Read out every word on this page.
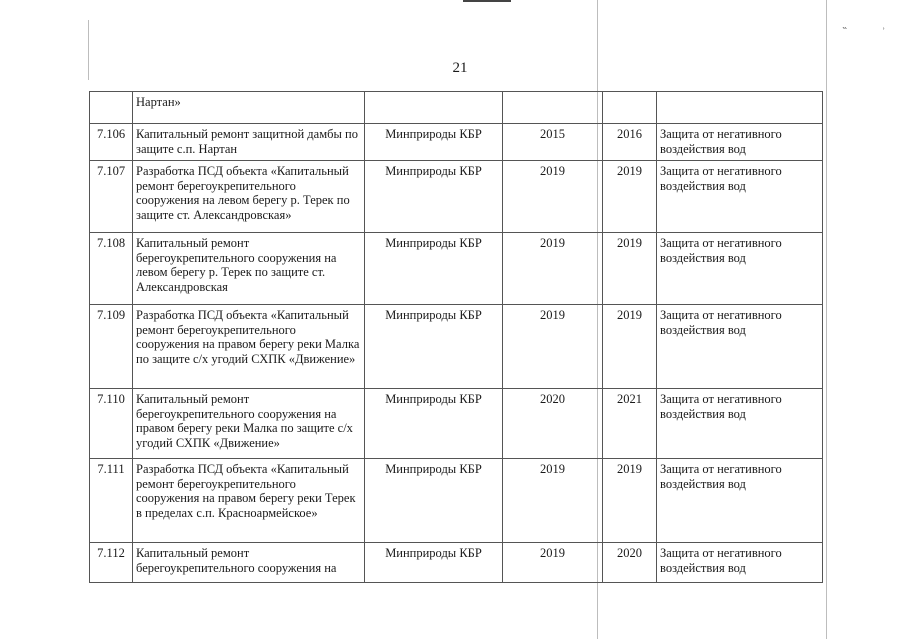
˵	˒
21
	Нартан»				
7.106	Капитальный ремонт защитной дамбы по защите с.п. Нартан	Минприроды КБР	2015	2016	Защита от негативного воздействия вод
7.107	Разработка ПСД объекта «Капитальный ремонт берегоукрепительного сооружения на левом берегу р. Терек по защите ст. Александровская»	Минприроды КБР	2019	2019	Защита от негативного воздействия вод
7.108	Капитальный ремонт берегоукрепительного сооружения на левом берегу р. Терек по защите ст. Александровская	Минприроды КБР	2019	2019	Защита от негативного воздействия вод
7.109	Разработка ПСД объекта «Капитальный ремонт берегоукрепительного сооружения на правом берегу реки Малка по защите с/х угодий СХПК «Движение»	Минприроды КБР	2019	2019	Защита от негативного воздействия вод
7.110	Капитальный ремонт берегоукрепительного сооружения на правом берегу реки Малка по защите с/х угодий СХПК «Движение»	Минприроды КБР	2020	2021	Защита от негативного воздействия вод
7.111	Разработка ПСД объекта «Капитальный ремонт берегоукрепительного сооружения на правом берегу реки Терек в пределах с.п. Красноармейское»	Минприроды КБР	2019	2019	Защита от негативного воздействия вод
7.112	Капитальный ремонт берегоукрепительного сооружения на	Минприроды КБР	2019	2020	Защита от негативного воздействия вод
